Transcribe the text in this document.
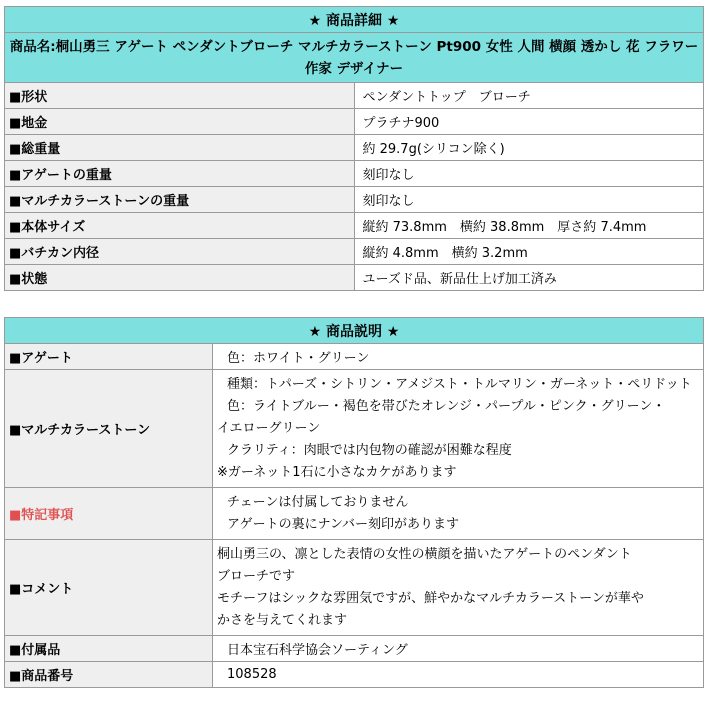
★ 商品詳細 ★	
商品名:桐山勇三 アゲート ペンダントブローチ マルチカラーストーン Pt900 女性 人間 横顔 透かし 花 フラワー 作家 デザイナー	
■形状	ペンダントトップ　ブローチ
■地金	プラチナ900
■総重量	約 29.7g(シリコン除く)
■アゲートの重量	刻印なし
■マルチカラーストーンの重量	刻印なし
■本体サイズ	縦約 73.8mm　横約 38.8mm　厚さ約 7.4mm
■バチカン内径	縦約 4.8mm　横約 3.2mm
■状態	ユーズド品、新品仕上げ加工済み
★ 商品説明 ★	
■アゲート	色：ホワイト・グリーン
■マルチカラーストーン	種類：トパーズ・シトリン・アメジスト・トルマリン・ガーネット・ペリドット
色：ライトブルー・褐色を帯びたオレンジ・パープル・ピンク・グリーン・
イエローグリーン
クラリティ：肉眼では内包物の確認が困難な程度
※ガーネット1石に小さなカケがあります

■特記事項	チェーンは付属しておりません
アゲートの裏にナンバー刻印があります

■コメント	桐山勇三の、凛とした表情の女性の横顔を描いたアゲートのペンダント
ブローチです
モチーフはシックな雰囲気ですが、鮮やかなマルチカラーストーンが華や
かさを与えてくれます

■付属品	日本宝石科学協会ソーティング
■商品番号	108528
